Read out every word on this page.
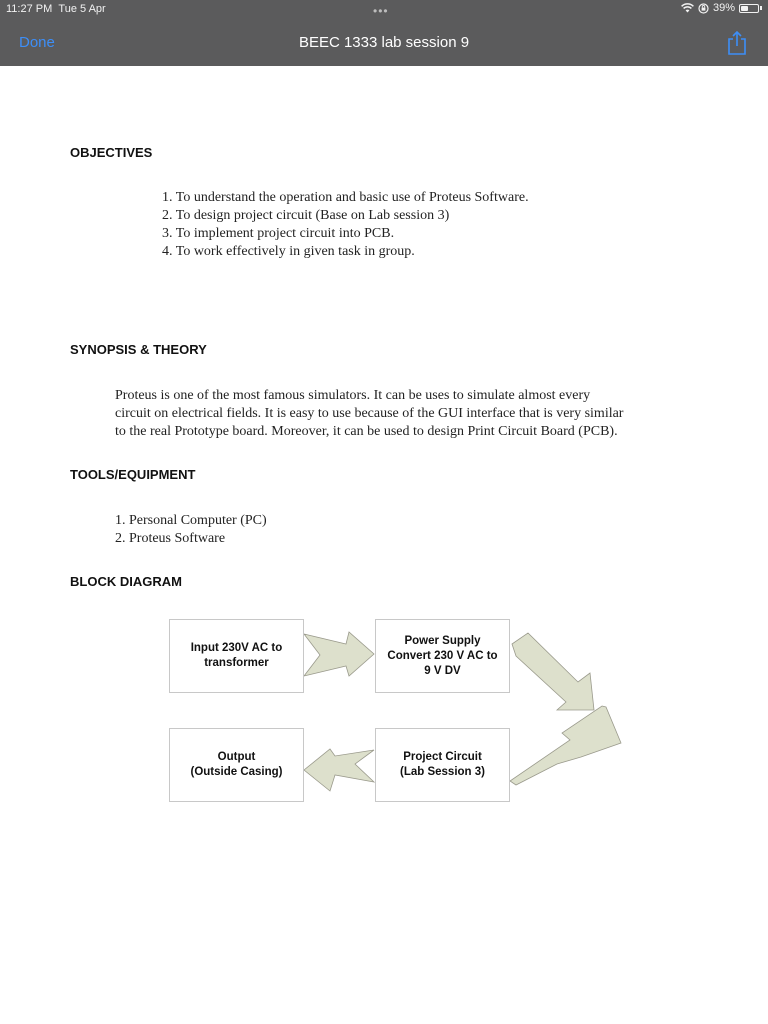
11:27 PM Tue 5 Apr	•••	39%
Done	BEEC 1333 lab session 9
OBJECTIVES
1. To understand the operation and basic use of Proteus Software.
2. To design project circuit (Base on Lab session 3)
3. To implement project circuit into PCB.
4. To work effectively in given task in group.
SYNOPSIS & THEORY
Proteus is one of the most famous simulators. It can be uses to simulate almost every
circuit on electrical fields. It is easy to use because of the GUI interface that is very similar
to the real Prototype board. Moreover, it can be used to design Print Circuit Board (PCB).
TOOLS/EQUIPMENT
1. Personal Computer (PC)
2. Proteus Software
BLOCK DIAGRAM
Input 230V AC to
transformer
Power Supply
Convert 230 V AC to
9 V DV
Output
(Outside Casing)
Project Circuit
(Lab Session 3)
